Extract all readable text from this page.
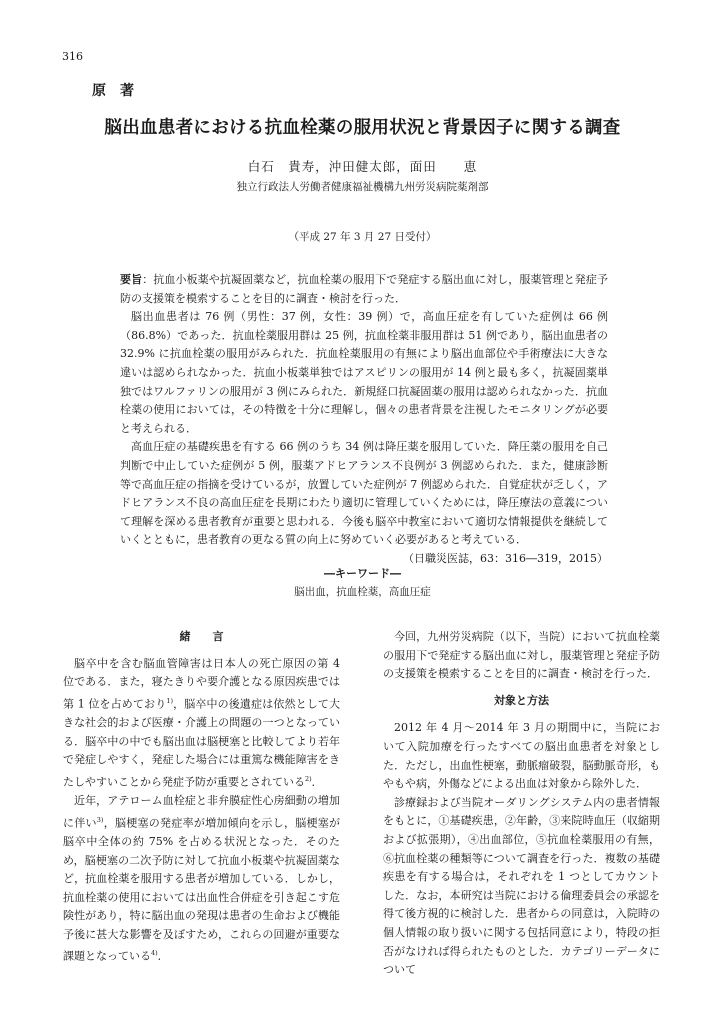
316
原著
脳出血患者における抗血栓薬の服用状況と背景因子に関する調査
白石　貴寿，沖田健太郎，面田　　恵
独立行政法人労働者健康福祉機構九州労災病院薬剤部
（平成 27 年 3 月 27 日受付）

要旨：抗血小板薬や抗凝固薬など，抗血栓薬の服用下で発症する脳出血に対し，服薬管理と発症予防の支援策を模索することを目的に調査・検討を行った．

脳出血患者は 76 例（男性：37 例，女性：39 例）で，高血圧症を有していた症例は 66 例（86.8%）であった．抗血栓薬服用群は 25 例，抗血栓薬非服用群は 51 例であり，脳出血患者の 32.9% に抗血栓薬の服用がみられた．抗血栓薬服用の有無により脳出血部位や手術療法に大きな違いは認められなかった．抗血小板薬単独ではアスピリンの服用が 14 例と最も多く，抗凝固薬単独ではワルファリンの服用が 3 例にみられた．新規経口抗凝固薬の服用は認められなかった．抗血栓薬の使用においては，その特徴を十分に理解し，個々の患者背景を注視したモニタリングが必要と考えられる．

高血圧症の基礎疾患を有する 66 例のうち 34 例は降圧薬を服用していた．降圧薬の服用を自己判断で中止していた症例が 5 例，服薬アドヒアランス不良例が 3 例認められた．また，健康診断等で高血圧症の指摘を受けているが，放置していた症例が 7 例認められた．自覚症状が乏しく，アドヒアランス不良の高血圧症を長期にわたり適切に管理していくためには，降圧療法の意義について理解を深める患者教育が重要と思われる．今後も脳卒中教室において適切な情報提供を継続していくとともに，患者教育の更なる質の向上に努めていく必要があると考えている．

（日職災医誌，63：316―319，2015）

―キーワード―
脳出血，抗血栓薬，高血圧症
緒言

脳卒中を含む脳血管障害は日本人の死亡原因の第 4 位である．また，寝たきりや要介護となる原因疾患では第 1 位を占めており$^{1)}$，脳卒中の後遺症は依然として大きな社会的および医療・介護上の問題の一つとなっている．脳卒中の中でも脳出血は脳梗塞と比較してより若年で発症しやすく，発症した場合には重篤な機能障害をきたしやすいことから発症予防が重要とされている$^{2)}$．

近年，アテローム血栓症と非弁膜症性心房細動の増加に伴い$^{3)}$，脳梗塞の発症率が増加傾向を示し，脳梗塞が脳卒中全体の約 75% を占める状況となった．そのため，脳梗塞の二次予防に対して抗血小板薬や抗凝固薬など，抗血栓薬を服用する患者が増加している．しかし，抗血栓薬の使用においては出血性合併症を引き起こす危険性があり，特に脳出血の発現は患者の生命および機能予後に甚大な影響を及ぼすため，これらの回避が重要な課題となっている$^{4)}$．

今回，九州労災病院（以下，当院）において抗血栓薬の服用下で発症する脳出血に対し，服薬管理と発症予防の支援策を模索することを目的に調査・検討を行った．

対象と方法

2012 年 4 月～2014 年 3 月の期間中に，当院において入院加療を行ったすべての脳出血患者を対象とした．ただし，出血性梗塞，動脈瘤破裂，脳動脈奇形，もやもや病，外傷などによる出血は対象から除外した．

診療録および当院オーダリングシステム内の患者情報をもとに，①基礎疾患，②年齢，③来院時血圧（収縮期および拡張期），④出血部位，⑤抗血栓薬服用の有無，⑥抗血栓薬の種類等について調査を行った．複数の基礎疾患を有する場合は，それぞれを 1 つとしてカウントした．なお，本研究は当院における倫理委員会の承認を得て後方視的に検討した．患者からの同意は，入院時の個人情報の取り扱いに関する包括同意により，特段の拒否がなければ得られたものとした．カテゴリーデータについて
